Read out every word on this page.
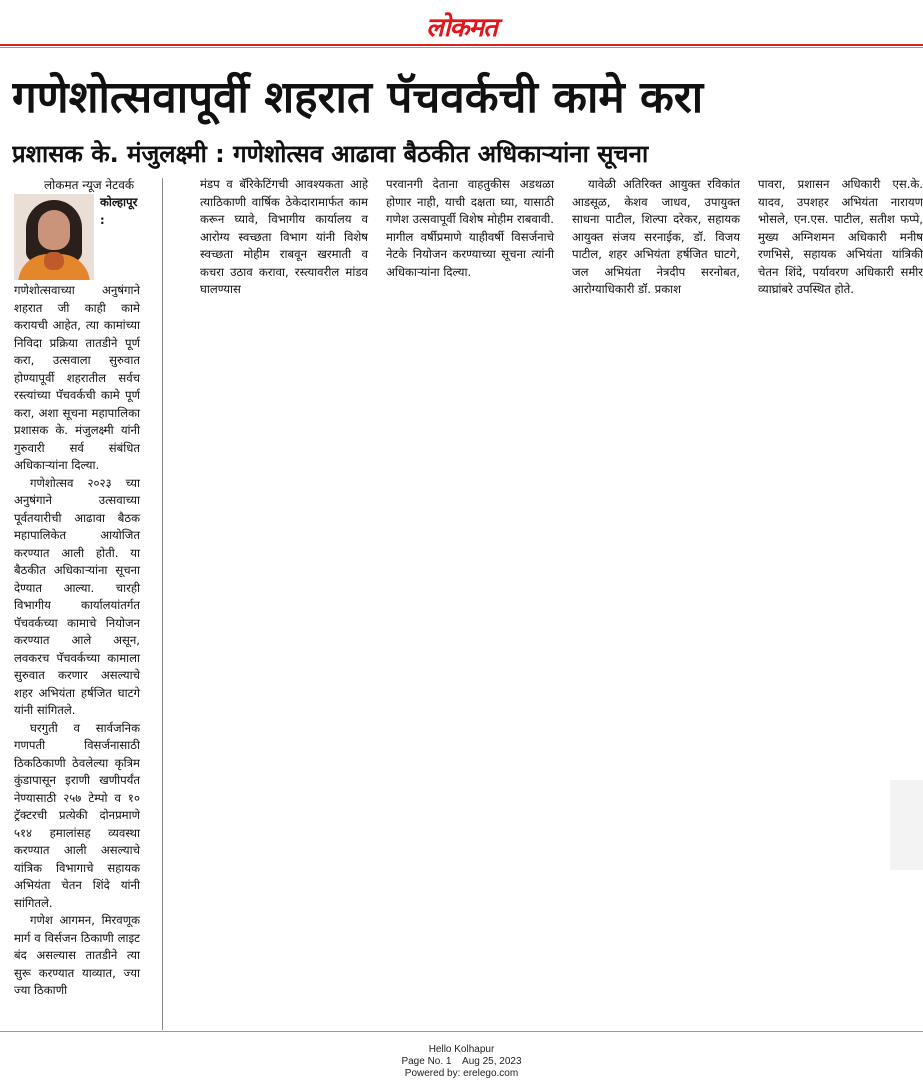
लोकमत
गणेशोत्सवापूर्वी शहरात पॅचवर्कची कामे करा
प्रशासक के. मंजुलक्ष्मी : गणेशोत्सव आढावा बैठकीत अधिकाऱ्यांना सूचना
लोकमत न्यूज नेटवर्क

कोल्हापूर : गणेशोत्सवाच्या अनुषंगाने शहरात जी काही कामे करायची आहेत, त्या कामांच्या निविदा प्रक्रिया तातडीने पूर्ण करा, उत्सवाला सुरुवात होण्यापूर्वी शहरातील सर्वच रस्त्यांच्या पॅचवर्कची कामे पूर्ण करा, अशा सूचना महापालिका प्रशासक के. मंजुलक्ष्मी यांनी गुरुवारी सर्व संबंधित अधिकाऱ्यांना दिल्या.

गणेशोत्सव २०२३ च्या अनुषंगाने उत्सवाच्या पूर्वतयारीची आढावा बैठक महापालिकेत आयोजित करण्यात आली होती. या बैठकीत अधिकाऱ्यांना सूचना देण्यात आल्या. चारही विभागीय कार्यालयांतर्गत पॅचवर्कच्या कामाचे नियोजन करण्यात आले असून, लवकरच पॅचवर्कच्या कामाला सुरुवात करणार असल्याचे शहर अभियंता हर्षजित घाटगे यांनी सांगितले.

घरगुती व सार्वजनिक गणपती विसर्जनासाठी ठिकठिकाणी ठेवलेल्या कृत्रिम कुंडापासून इराणी खणीपर्यंत नेण्यासाठी २५७ टेम्पो व १० ट्रॅक्टरची प्रत्येकी दोनप्रमाणे ५१४ हमालांसह व्यवस्था करण्यात आली असल्याचे यांत्रिक विभागाचे सहायक अभियंता चेतन शिंदे यांनी सांगितले.

गणेश आगमन, मिरवणूक मार्ग व विर्सजन ठिकाणी लाइट बंद असल्यास तातडीने त्या सुरू करण्यात याव्यात, ज्या ज्या ठिकाणी

मंडप व बॅरिकेटिंगची आवश्यकता आहे त्याठिकाणी वार्षिक ठेकेदारामार्फत काम करून घ्यावे, विभागीय कार्यालय व आरोग्य स्वच्छता विभाग यांनी विशेष स्वच्छता मोहीम राबवून खरमाती व कचरा उठाव करावा, रस्त्यावरील मांडव घालण्यास

परवानगी देताना वाहतुकीस अडथळा होणार नाही, याची दक्षता घ्या, यासाठी गणेश उत्सवापूर्वी विशेष मोहीम राबवावी. मागील वर्षीप्रमाणे याहीवर्षी विसर्जनाचे नेटके नियोजन करण्याच्या सूचना त्यांनी अधिकाऱ्यांना दिल्या.

यावेळी अतिरिक्त आयुक्त रविकांत आडसूळ, केशव जाधव, उपायुक्त साधना पाटील, शिल्पा दरेकर, सहायक आयुक्त संजय सरनाईक, डॉ. विजय पाटील, शहर अभियंता हर्षजित घाटगे, जल अभियंता नेत्रदीप सरनोबत, आरोग्याधिकारी डॉ. प्रकाश

पावरा, प्रशासन अधिकारी एस.के. यादव, उपशहर अभियंता नारायण भोसले, एन.एस. पाटील, सतीश फप्पे, मुख्य अग्निशमन अधिकारी मनीष रणभिसे, सहायक अभियंता यांत्रिकी चेतन शिंदे, पर्यावरण अधिकारी समीर व्याघ्रांबरे उपस्थित होते.

Hello Kolhapur
Page No. 1    Aug 25, 2023
Powered by: erelego.com
